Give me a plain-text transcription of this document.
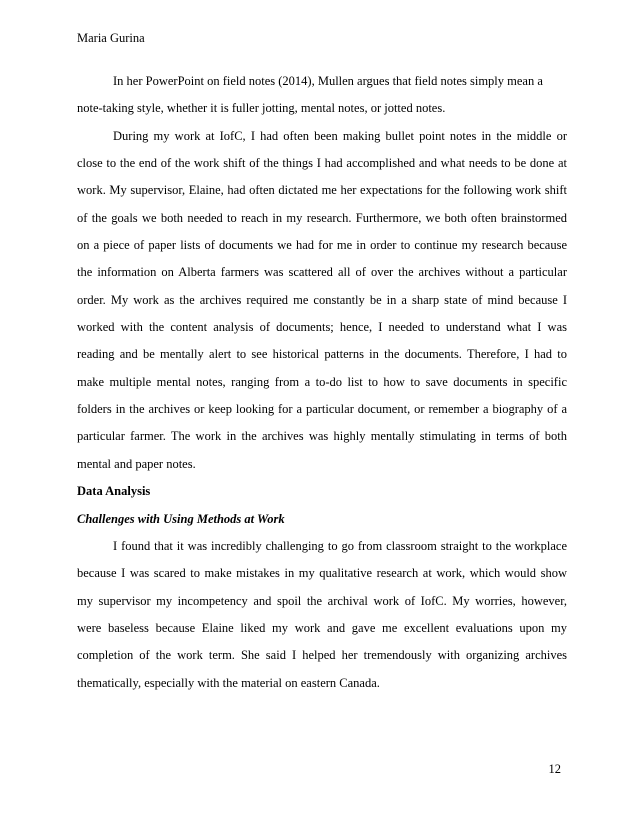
Maria Gurina
In her PowerPoint on field notes (2014), Mullen argues that field notes simply mean a
note-taking style, whether it is fuller jotting, mental notes, or jotted notes.
During my work at IofC, I had often been making bullet point notes in the middle or
close to the end of the work shift of the things I had accomplished and what needs to be done at
work. My supervisor, Elaine, had often dictated me her expectations for the following work shift
of the goals we both needed to reach in my research. Furthermore, we both often brainstormed
on a piece of paper lists of documents we had for me in order to continue my research because
the information on Alberta farmers was scattered all of over the archives without a particular
order. My work as the archives required me constantly be in a sharp state of mind because I
worked with the content analysis of documents; hence, I needed to understand what I was
reading and be mentally alert to see historical patterns in the documents. Therefore, I had to
make multiple mental notes, ranging from a to-do list to how to save documents in specific
folders in the archives or keep looking for a particular document, or remember a biography of a
particular farmer. The work in the archives was highly mentally stimulating in terms of both
mental and paper notes.
Data Analysis
Challenges with Using Methods at Work
I found that it was incredibly challenging to go from classroom straight to the workplace
because I was scared to make mistakes in my qualitative research at work, which would show
my supervisor my incompetency and spoil the archival work of IofC. My worries, however,
were baseless because Elaine liked my work and gave me excellent evaluations upon my
completion of the work term. She said I helped her tremendously with organizing archives
thematically, especially with the material on eastern Canada.
12
